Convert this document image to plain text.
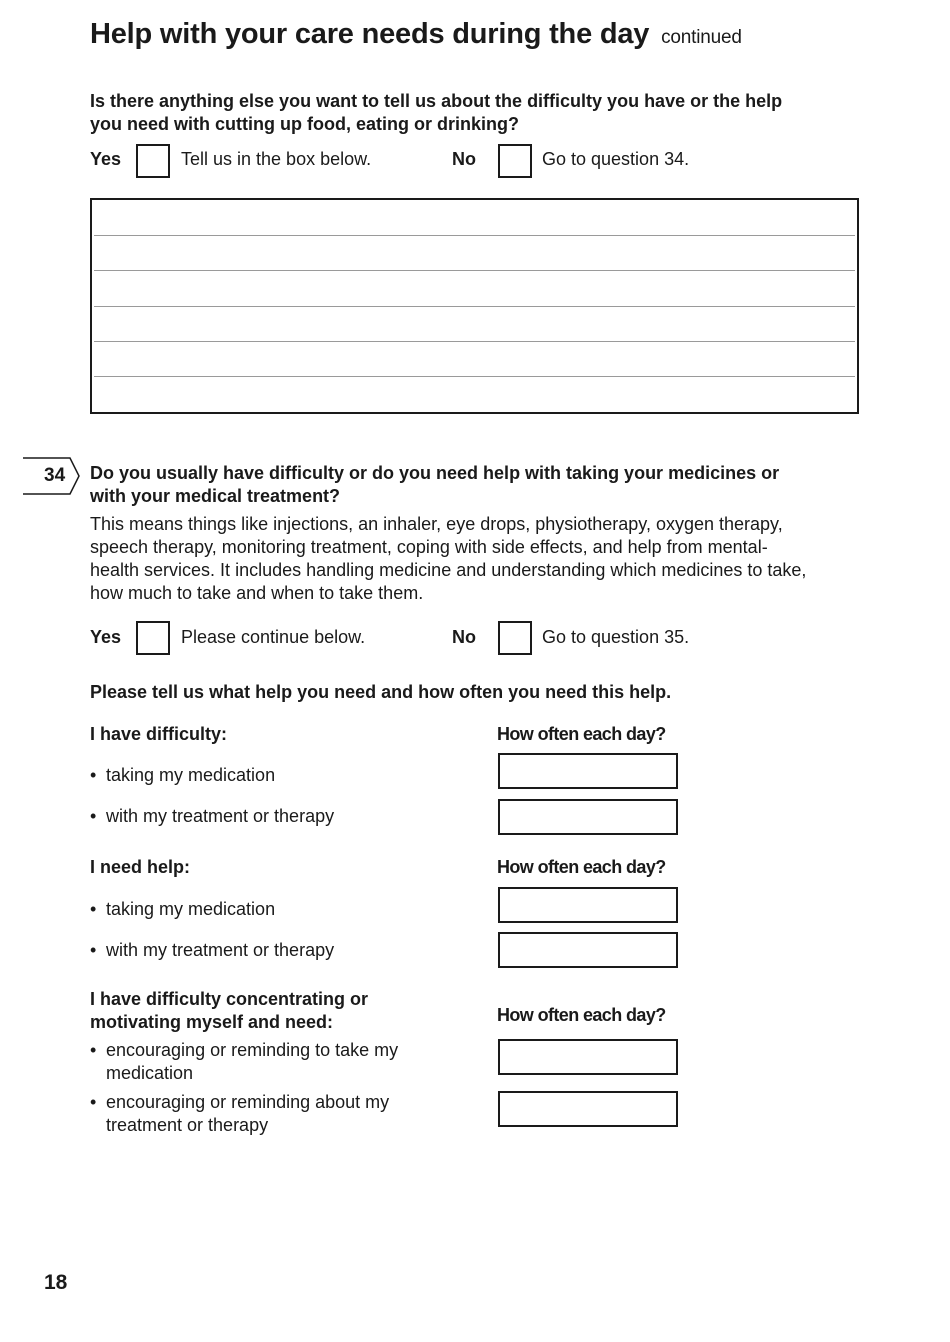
Help with your care needs during the day continued
Is there anything else you want to tell us about the difficulty you have or the help you need with cutting up food, eating or drinking?
Yes	Tell us in the box below.	No	Go to question 34.
34 Do you usually have difficulty or do you need help with taking your medicines or with your medical treatment?
This means things like injections, an inhaler, eye drops, physiotherapy, oxygen therapy, speech therapy, monitoring treatment, coping with side effects, and help from mental-health services. It includes handling medicine and understanding which medicines to take, how much to take and when to take them.
Yes	Please continue below.	No	Go to question 35.
Please tell us what help you need and how often you need this help.
I have difficulty:	How often each day?
• taking my medication
• with my treatment or therapy
I need help:	How often each day?
• taking my medication
• with my treatment or therapy
I have difficulty concentrating or motivating myself and need:	How often each day?
• encouraging or reminding to take my medication
• encouraging or reminding about my treatment or therapy
18
